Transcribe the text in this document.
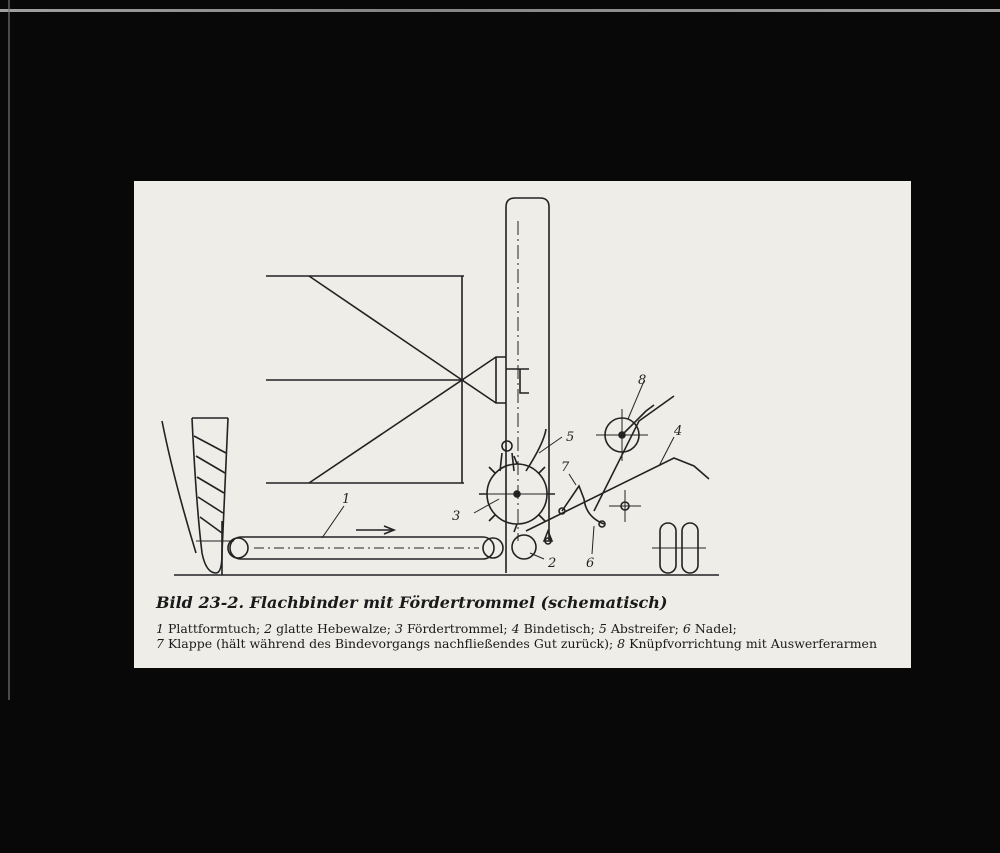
1
2
3
4
5
6
7
8
Bild 23-2. Flachbinder mit Fördertrommel (schematisch)
1 Plattformtuch; 2 glatte Hebewalze; 3 Fördertrommel; 4 Bindetisch; 5 Abstreifer; 6 Nadel;
7 Klappe (hält während des Bindevorgangs nachfließendes Gut zurück); 8 Knüpfvorrichtung mit Auswerferarmen
